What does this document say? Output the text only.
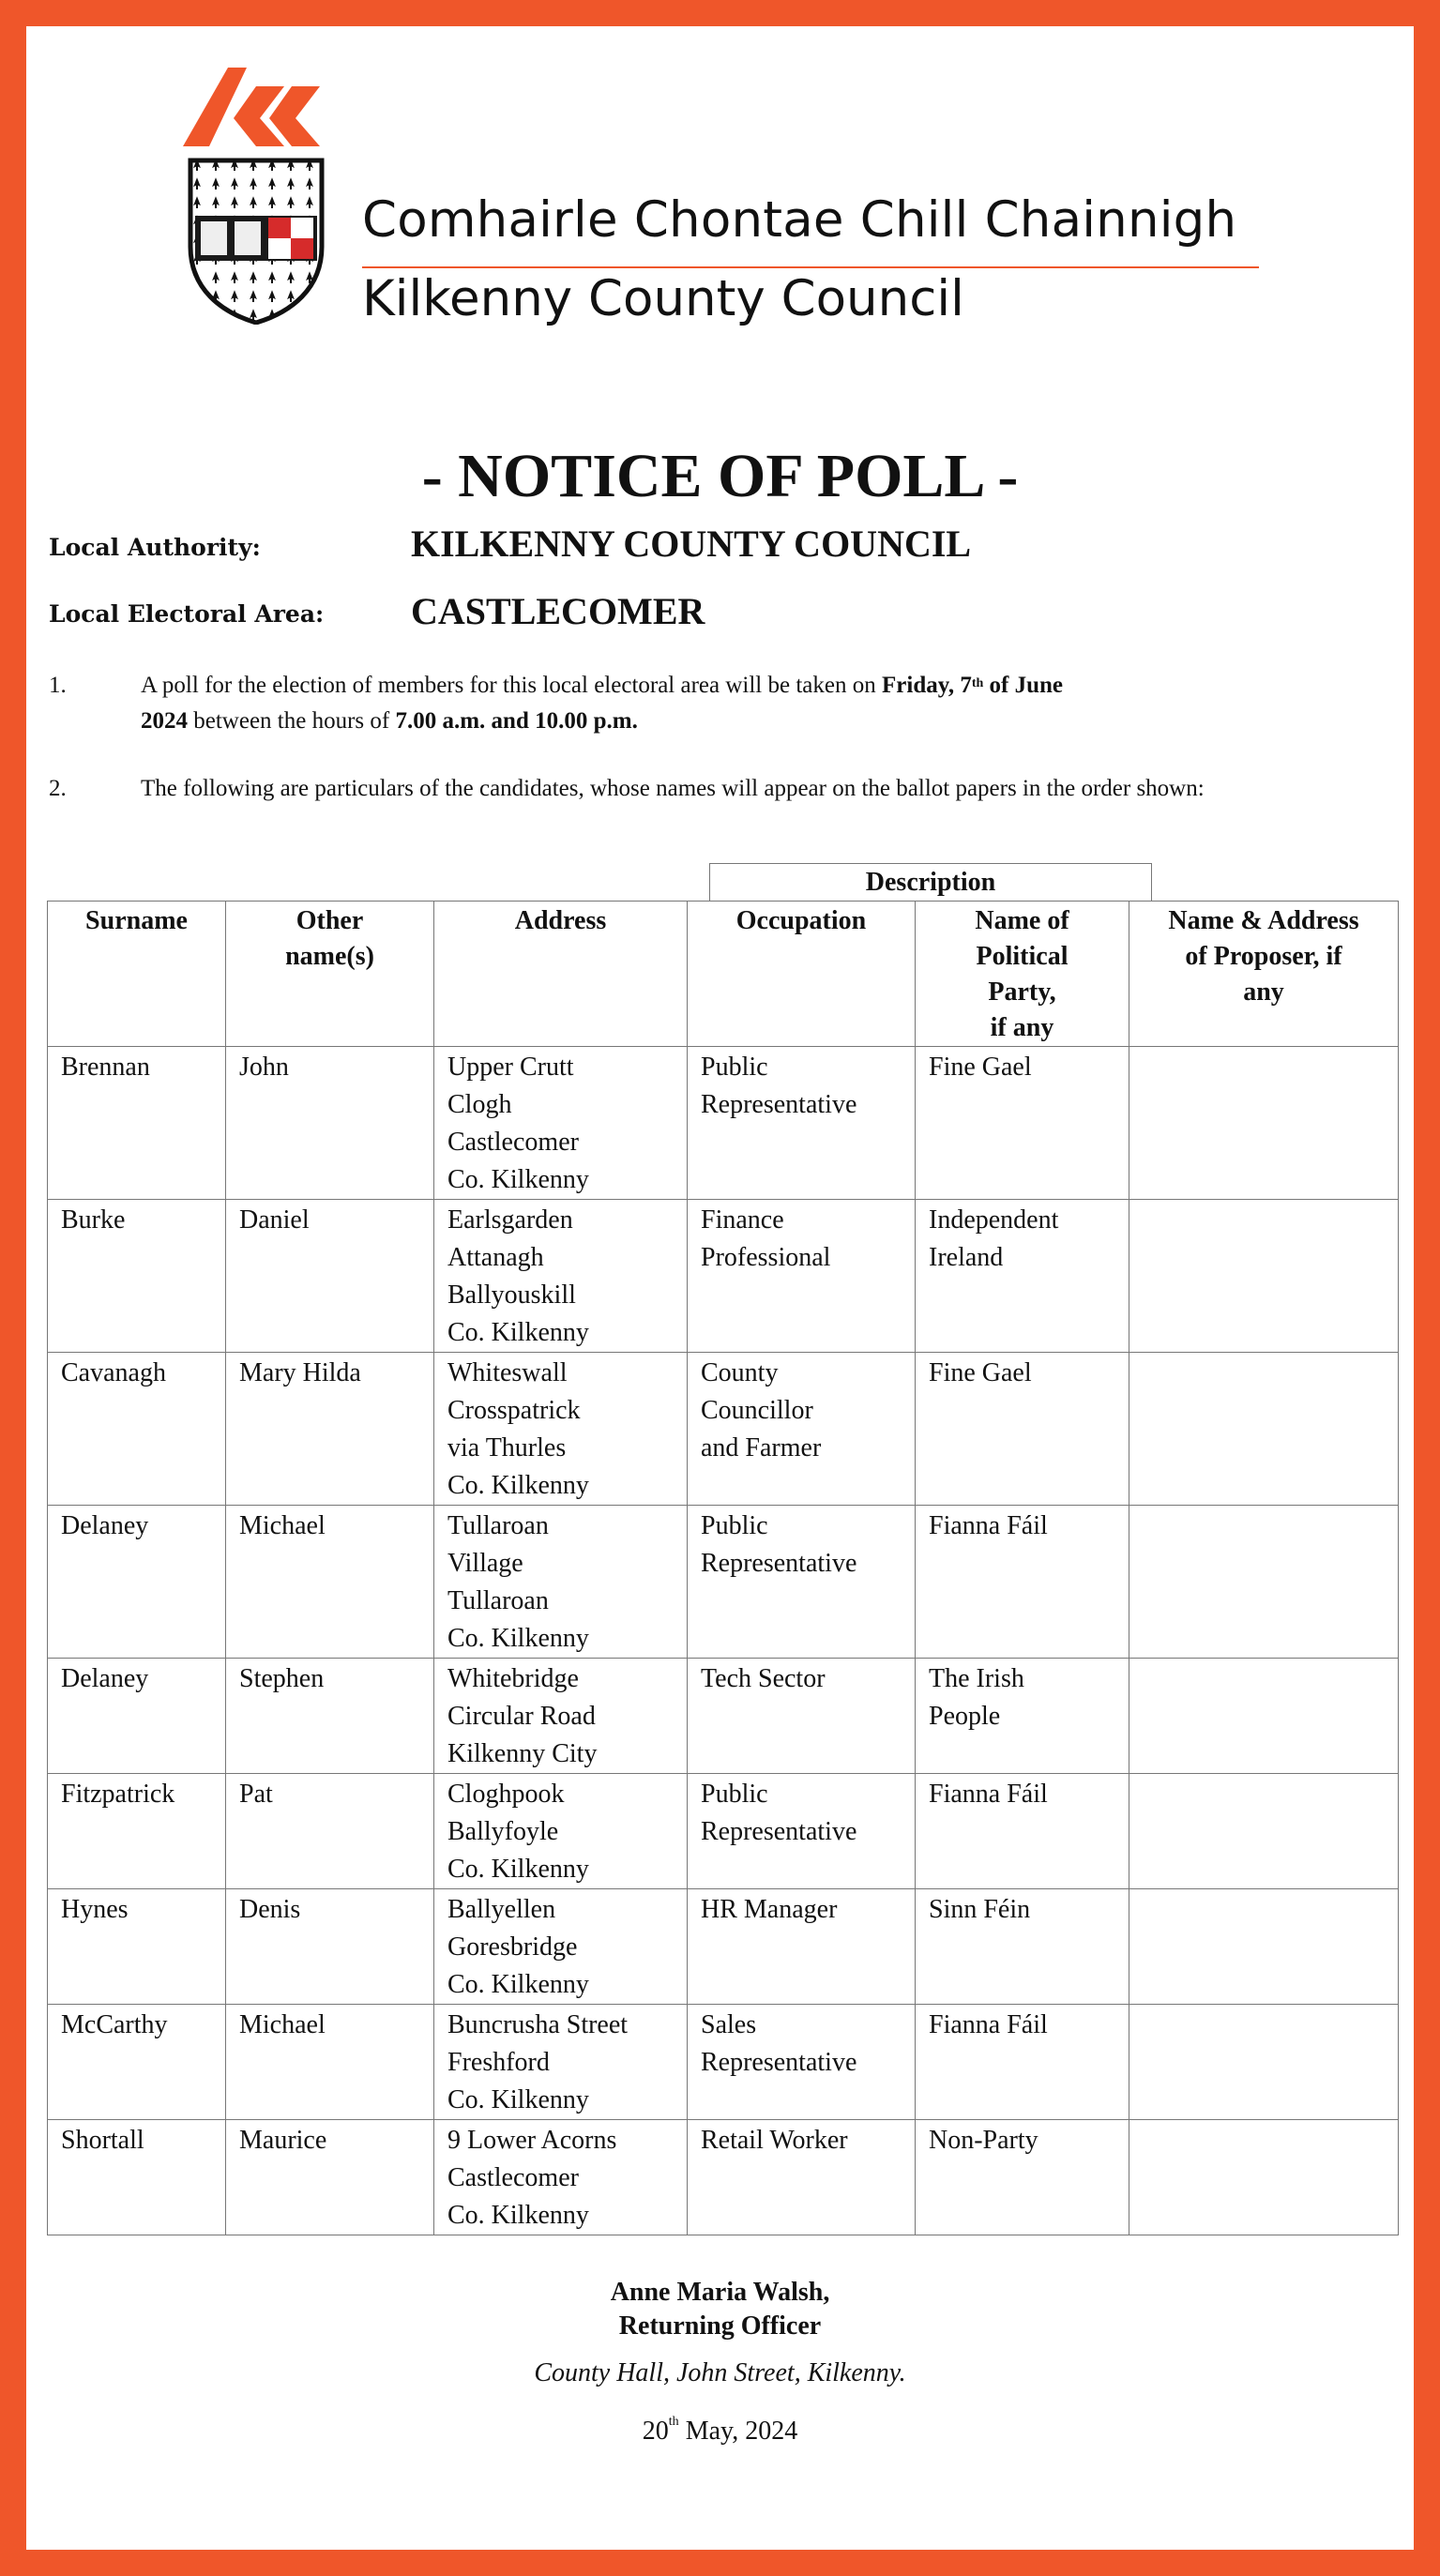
Comhairle Chontae Chill Chainnigh
Kilkenny County Council
- NOTICE OF POLL -
Local Authority:	KILKENNY COUNTY COUNCIL
Local Electoral Area: CASTLECOMER
1.	A poll for the election of members for this local electoral area will be taken on Friday, 7th of June
2024 between the hours of 7.00 a.m. and 10.00 p.m.
2.	The following are particulars of the candidates, whose names will appear on the ballot papers in the order shown:
Description
Surname	Other
name(s)	Address	Occupation	Name of
Political
Party,
if any	Name & Address
of Proposer, if
any
Brennan	John	Upper Crutt
Clogh
Castlecomer
Co. Kilkenny	Public
Representative	Fine Gael	

Burke	Daniel	Earlsgarden
Attanagh
Ballyouskill
Co. Kilkenny	Finance
Professional	Independent
Ireland	

Cavanagh	Mary Hilda	Whiteswall
Crosspatrick
via Thurles
Co. Kilkenny	County
Councillor
and Farmer	Fine Gael	

Delaney	Michael	Tullaroan
Village
Tullaroan
Co. Kilkenny	Public
Representative	Fianna Fáil	

Delaney	Stephen	Whitebridge
Circular Road
Kilkenny City	Tech Sector	The Irish
People	

Fitzpatrick	Pat	Cloghpook
Ballyfoyle
Co. Kilkenny	Public
Representative	Fianna Fáil	

Hynes	Denis	Ballyellen
Goresbridge
Co. Kilkenny	HR Manager	Sinn Féin	

McCarthy	Michael	Buncrusha Street
Freshford
Co. Kilkenny	Sales
Representative	Fianna Fáil	

Shortall	Maurice	9 Lower Acorns
Castlecomer
Co. Kilkenny	Retail Worker	Non-Party	

Anne Maria Walsh,
Returning Officer
County Hall, John Street, Kilkenny.
20th May, 2024
